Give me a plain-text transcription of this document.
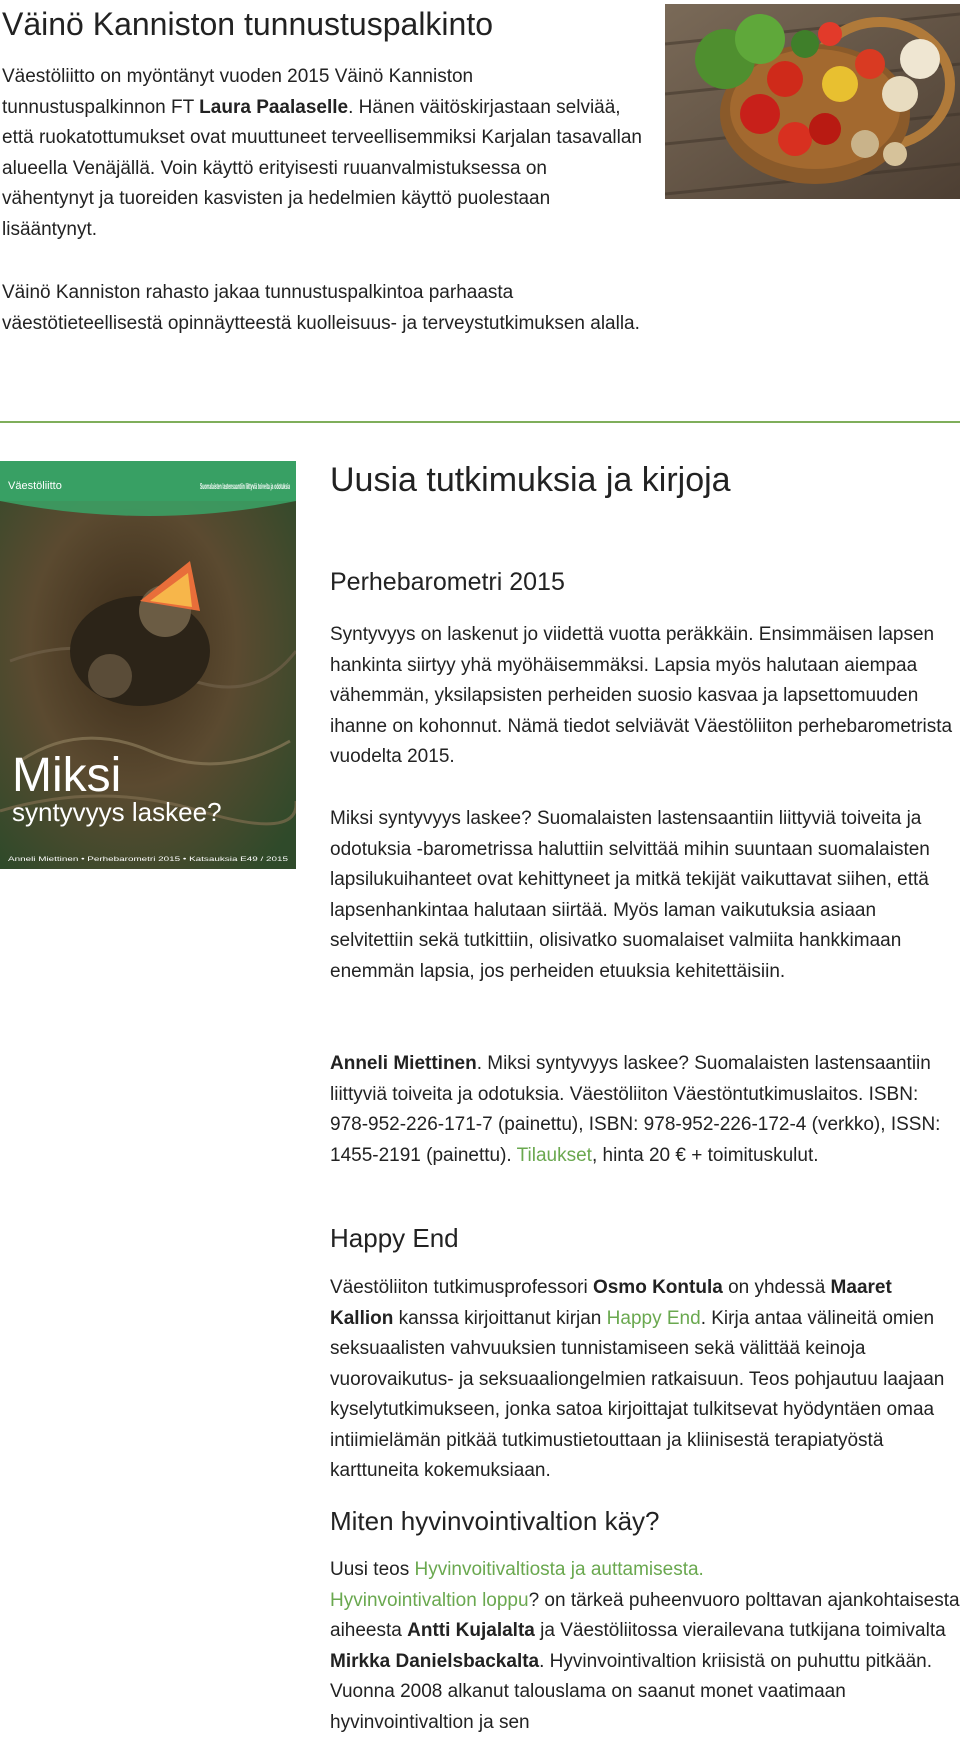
Väinö Kanniston tunnustuspalkinto

Väestöliitto on myöntänyt vuoden 2015 Väinö Kanniston tunnustuspalkinnon FT Laura Paalaselle. Hänen väitöskirjastaan selviää, että ruokatottumukset ovat muuttuneet terveellisemmiksi Karjalan tasavallan alueella Venäjällä. Voin käyttö erityisesti ruuanvalmistuksessa on vähentynyt ja tuoreiden kasvisten ja hedelmien käyttö puolestaan lisääntynyt.

Väinö Kanniston rahasto jakaa tunnustuspalkintoa parhaasta väestötieteellisestä opinnäytteestä kuolleisuus- ja terveystutkimuksen alalla.

Väestöliitto	Suomalaisten lastensaantiin liittyviä toiveita ja odotuksia
Miksi
syntyvyys laskee?
Anneli Miettinen • Perhebarometri 2015 • Katsauksia E49 / 2015
Uusia tutkimuksia ja kirjoja
Perhebarometri 2015

Syntyvyys on laskenut jo viidettä vuotta peräkkäin. Ensimmäisen lapsen hankinta siirtyy yhä myöhäisemmäksi. Lapsia myös halutaan aiempaa vähemmän, yksilapsisten perheiden suosio kasvaa ja lapsettomuuden ihanne on kohonnut. Nämä tiedot selviävät Väestöliiton perhebarometrista vuodelta 2015.

Miksi syntyvyys laskee? Suomalaisten lastensaantiin liittyviä toiveita ja odotuksia -barometrissa haluttiin selvittää mihin suuntaan suomalaisten lapsilukuihanteet ovat kehittyneet ja mitkä tekijät vaikuttavat siihen, että lapsenhankintaa halutaan siirtää. Myös laman vaikutuksia asiaan selvitettiin sekä tutkittiin, olisivatko suomalaiset valmiita hankkimaan enemmän lapsia, jos perheiden etuuksia kehitettäisiin.

Anneli Miettinen. Miksi syntyvyys laskee? Suomalaisten lastensaantiin liittyviä toiveita ja odotuksia. Väestöliiton Väestöntutkimuslaitos. ISBN: 978-952-226-171-7 (painettu), ISBN: 978-952-226-172-4 (verkko), ISSN: 1455-2191 (painettu). Tilaukset, hinta 20 € + toimituskulut.

Happy End

Väestöliiton tutkimusprofessori Osmo Kontula on yhdessä Maaret Kallion kanssa kirjoittanut kirjan Happy End. Kirja antaa välineitä omien seksuaalisten vahvuuksien tunnistamiseen sekä välittää keinoja vuorovaikutus- ja seksuaaliongelmien ratkaisuun. Teos pohjautuu laajaan kyselytutkimukseen, jonka satoa kirjoittajat tulkitsevat hyödyntäen omaa intiimielämän pitkää tutkimustietouttaan ja kliinisestä terapiatyöstä karttuneita kokemuksiaan.

Miten hyvinvointivaltion käy?

Uusi teos Hyvinvoitivaltiosta ja auttamisesta.
Hyvinvointivaltion loppu? on tärkeä puheenvuoro polttavan ajankohtaisesta aiheesta Antti Kujalalta ja Väestöliitossa vierailevana tutkijana toimivalta Mirkka Danielsbackalta. Hyvinvointivaltion kriisistä on puhuttu pitkään. Vuonna 2008 alkanut talouslama on saanut monet vaatimaan hyvinvointivaltion ja sen
